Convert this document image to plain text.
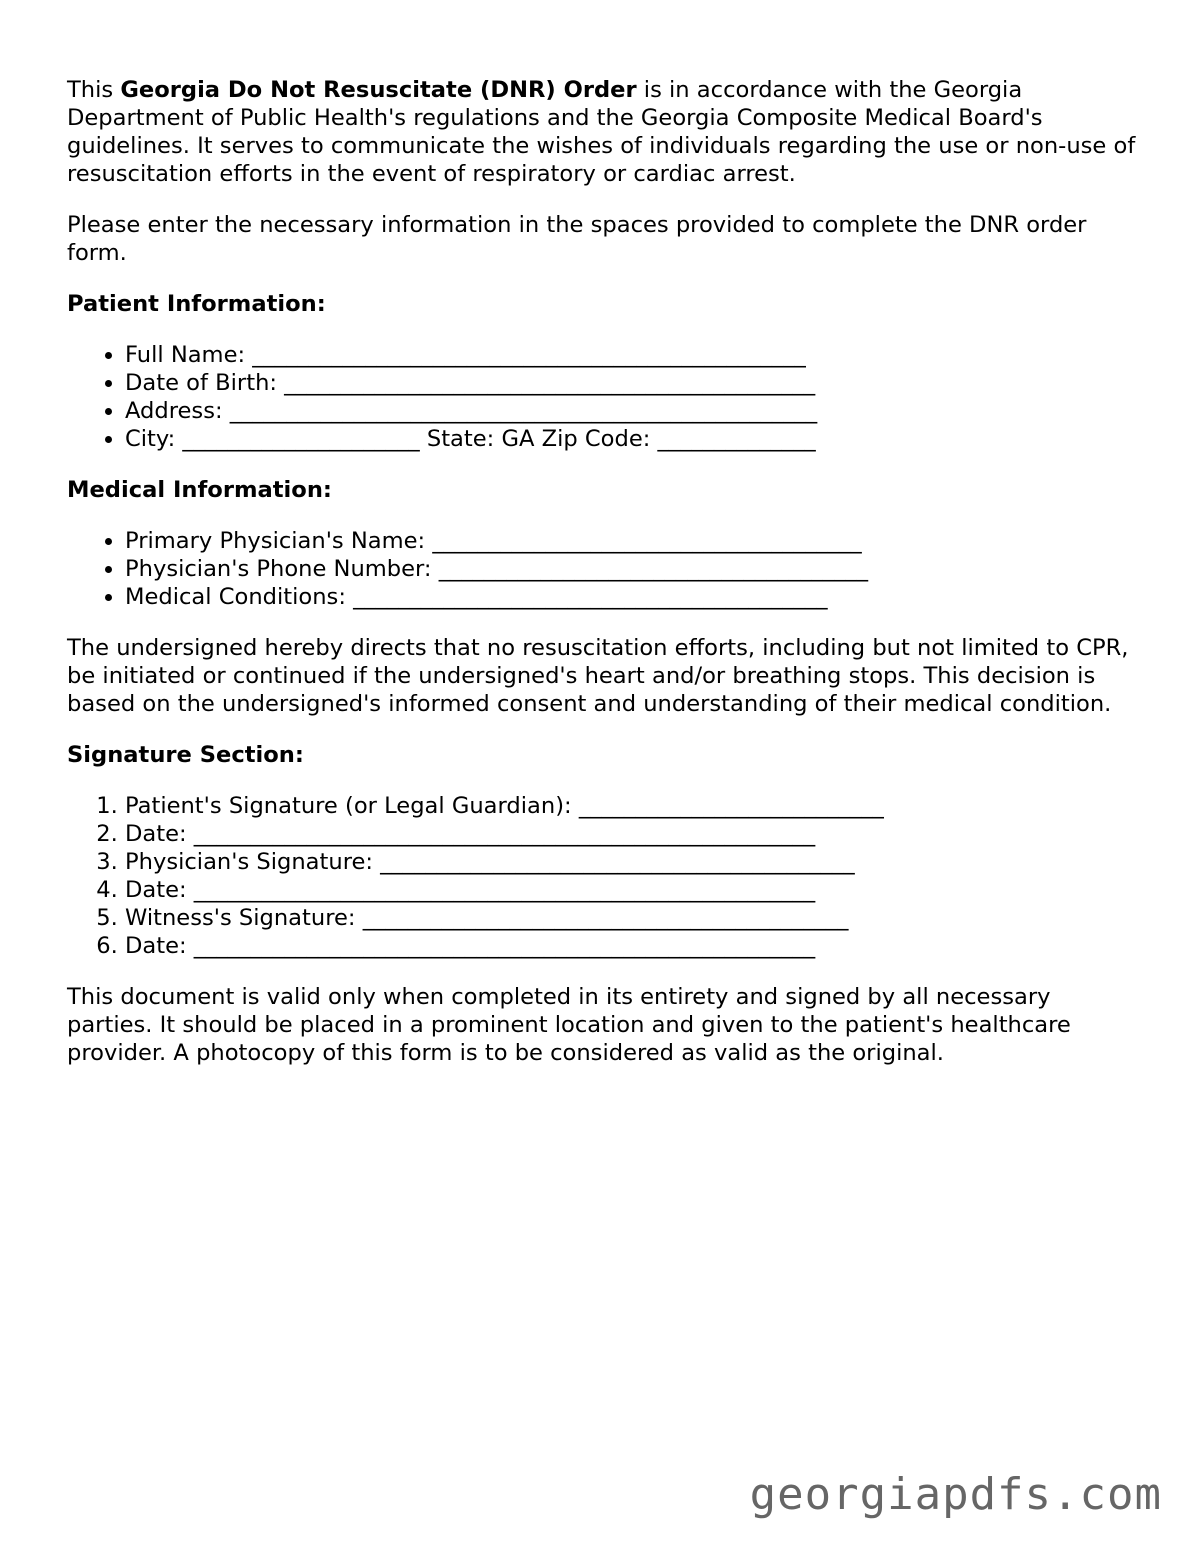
This Georgia Do Not Resuscitate (DNR) Order is in accordance with the Georgia Department of Public Health's regulations and the Georgia Composite Medical Board's guidelines. It serves to communicate the wishes of individuals regarding the use or non-use of resuscitation efforts in the event of respiratory or cardiac arrest.

Please enter the necessary information in the spaces provided to complete the DNR order form.

Patient Information:
• Full Name: _________________________________________________
• Date of Birth: _______________________________________________
• Address: ____________________________________________________
• City: _____________________ State: GA Zip Code: ______________
Medical Information:
• Primary Physician's Name: ______________________________________
• Physician's Phone Number: ______________________________________
• Medical Conditions: __________________________________________

The undersigned hereby directs that no resuscitation efforts, including but not limited to CPR, be initiated or continued if the undersigned's heart and/or breathing stops. This decision is based on the undersigned's informed consent and understanding of their medical condition.

Signature Section:
1. Patient's Signature (or Legal Guardian): ___________________________
2. Date: _______________________________________________________
3. Physician's Signature: __________________________________________
4. Date: _______________________________________________________
5. Witness's Signature: ___________________________________________
6. Date: _______________________________________________________

This document is valid only when completed in its entirety and signed by all necessary parties. It should be placed in a prominent location and given to the patient's healthcare provider. A photocopy of this form is to be considered as valid as the original.

georgiapdfs.com
